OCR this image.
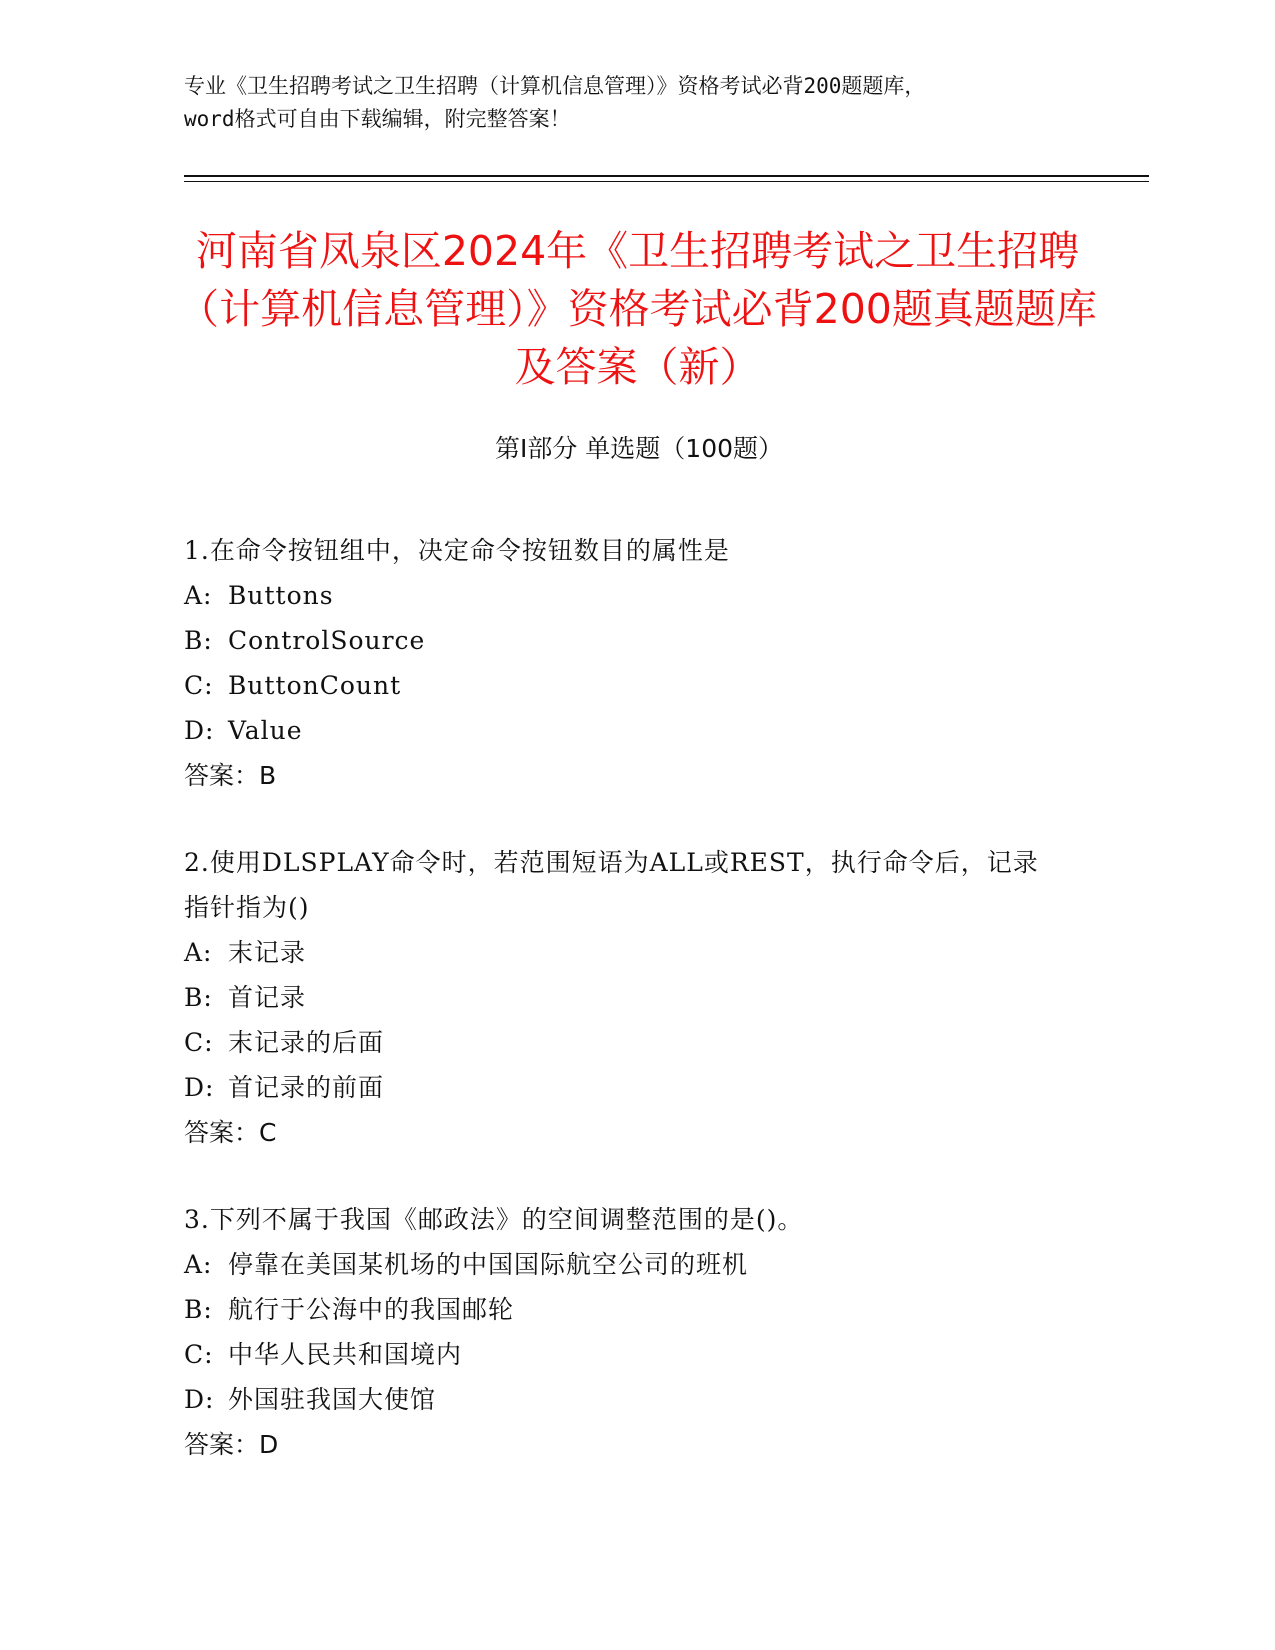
专业《卫生招聘考试之卫生招聘（计算机信息管理）》资格考试必背200题题库，
word格式可自由下载编辑，附完整答案！
河南省凤泉区2024年《卫生招聘考试之卫生招聘（计算机信息管理）》资格考试必背200题真题题库及答案（新）
第Ⅰ部分 单选题（100题）
1.在命令按钮组中，决定命令按钮数目的属性是
A: Buttons
B: ControlSource
C: ButtonCount
D: Value
答案：B
2.使用DLSPLAY命令时，若范围短语为ALL或REST，执行命令后，记录指针指为()
A: 末记录
B: 首记录
C: 末记录的后面
D: 首记录的前面
答案：C
3.下列不属于我国《邮政法》的空间调整范围的是()。
A: 停靠在美国某机场的中国国际航空公司的班机
B: 航行于公海中的我国邮轮
C: 中华人民共和国境内
D: 外国驻我国大使馆
答案：D
